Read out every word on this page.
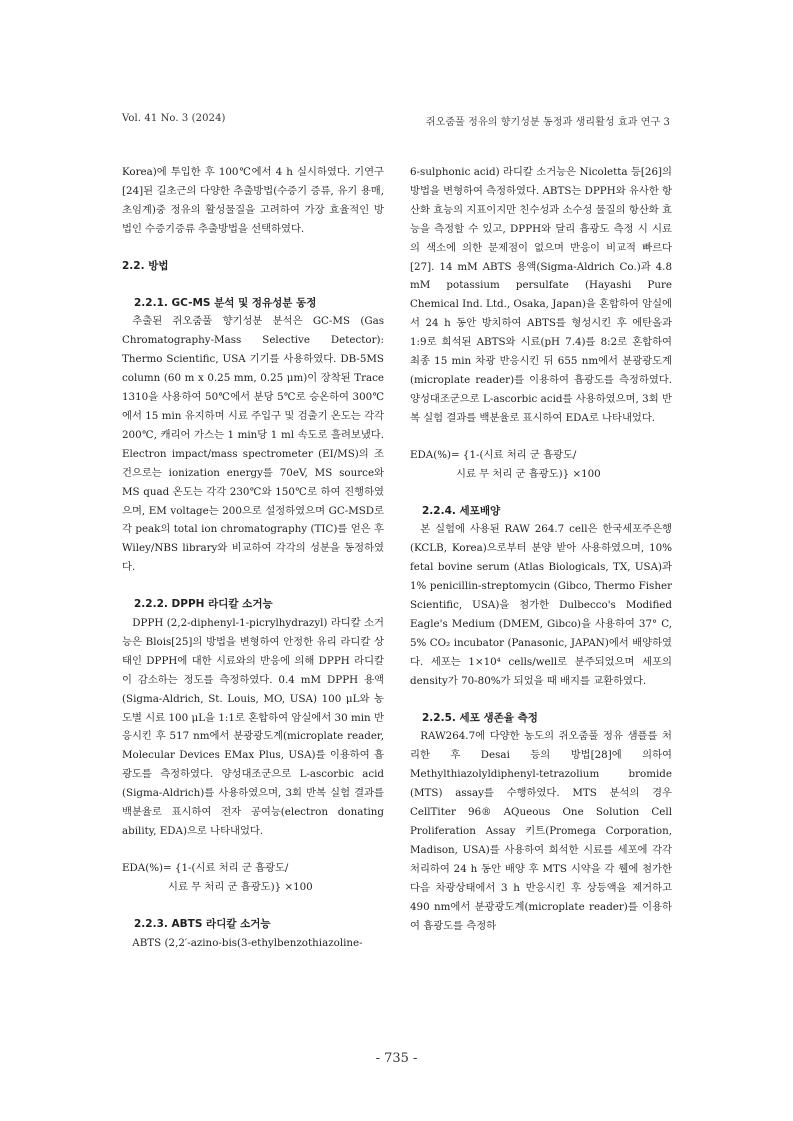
Vol. 41 No. 3 (2024)	쥐오줌풀 정유의 향기성분 동정과 생리활성 효과 연구 3

Korea)에 투입한 후 100℃에서 4 h 실시하였다. 기연구[24]된 길초근의 다양한 추출방법(수증기 증류, 유기 용매, 초임계)중 정유의 활성물질을 고려하여 가장 효율적인 방법인 수증기증류 추출방법을 선택하였다.

2.2. 방법
2.2.1. GC-MS 분석 및 정유성분 동정

추출된 쥐오줌풀 향기성분 분석은 GC-MS (Gas Chromatography-Mass Selective Detector): Thermo Scientific, USA 기기를 사용하였다. DB-5MS column (60 m x 0.25 mm, 0.25 μm)이 장착된 Trace 1310을 사용하여 50℃에서 분당 5℃로 승온하여 300℃에서 15 min 유지하며 시료 주입구 및 검출기 온도는 각각 200℃, 캐리어 가스는 1 min당 1 ml 속도로 흘려보냈다. Electron impact/mass spectrometer (EI/MS)의 조건으로는 ionization energy를 70eV, MS source와 MS quad 온도는 각각 230℃와 150℃로 하여 진행하였으며, EM voltage는 200으로 설정하였으며 GC-MSD로 각 peak의 total ion chromatography (TIC)를 얻은 후 Wiley/NBS library와 비교하여 각각의 성분을 동정하였다.

2.2.2. DPPH 라디칼 소거능

DPPH (2,2-diphenyl-1-picrylhydrazyl) 라디칼 소거능은 Blois[25]의 방법을 변형하여 안정한 유리 라디칼 상태인 DPPH에 대한 시료와의 반응에 의해 DPPH 라디칼이 감소하는 정도를 측정하였다. 0.4 mM DPPH 용액(Sigma-Aldrich, St. Louis, MO, USA) 100 μL와 농도별 시료 100 μL을 1:1로 혼합하여 암실에서 30 min 반응시킨 후 517 nm에서 분광광도계(microplate reader, Molecular Devices EMax Plus, USA)를 이용하여 흡광도를 측정하였다. 양성대조군으로 L-ascorbic acid (Sigma-Aldrich)를 사용하였으며, 3회 반복 실험 결과를 백분율로 표시하여 전자 공여능(electron donating ability, EDA)으로 나타내었다.

EDA(%)= {1-(시료 처리 군 흡광도/
시료 무 처리 군 흡광도)} ×100
2.2.3. ABTS 라디칼 소거능

ABTS (2,2′-azino-bis(3-ethylbenzothiazoline-

6-sulphonic acid) 라디칼 소거능은 Nicoletta 등[26]의 방법을 변형하여 측정하였다. ABTS는 DPPH와 유사한 항산화 효능의 지표이지만 친수성과 소수성 물질의 항산화 효능을 측정할 수 있고, DPPH와 달리 흡광도 측정 시 시료의 색소에 의한 문제점이 없으며 반응이 비교적 빠르다[27]. 14 mM ABTS 용액(Sigma-Aldrich Co.)과 4.8 mM potassium persulfate (Hayashi Pure Chemical Ind. Ltd., Osaka, Japan)을 혼합하여 암실에서 24 h 동안 방치하여 ABTS를 형성시킨 후 에탄올과 1:9로 희석된 ABTS와 시료(pH 7.4)를 8:2로 혼합하여 최종 15 min 차광 반응시킨 뒤 655 nm에서 분광광도계(microplate reader)를 이용하여 흡광도를 측정하였다. 양성대조군으로 L-ascorbic acid를 사용하였으며, 3회 반복 실험 결과를 백분율로 표시하여 EDA로 나타내었다.

EDA(%)= {1-(시료 처리 군 흡광도/
시료 무 처리 군 흡광도)} ×100
2.2.4. 세포배양

본 실험에 사용된 RAW 264.7 cell은 한국세포주은행(KCLB, Korea)으로부터 분양 받아 사용하였으며, 10% fetal bovine serum (Atlas Biologicals, TX, USA)과 1% penicillin-streptomycin (Gibco, Thermo Fisher Scientific, USA)을 첨가한 Dulbecco's Modified Eagle's Medium (DMEM, Gibco)을 사용하여 37° C, 5% CO₂ incubator (Panasonic, JAPAN)에서 배양하였다. 세포는 1×10⁴ cells/well로 분주되었으며 세포의 density가 70-80%가 되었을 때 배지를 교환하였다.

2.2.5. 세포 생존율 측정

RAW264.7에 다양한 농도의 쥐오줌풀 정유 샘플를 처리한 후 Desai 등의 방법[28]에 의하여 Methylthiazolyldiphenyl-tetrazolium bromide (MTS) assay를 수행하였다. MTS 분석의 경우 CellTiter 96® AQueous One Solution Cell Proliferation Assay 키트(Promega Corporation, Madison, USA)를 사용하여 희석한 시료를 세포에 각각 처리하여 24 h 동안 배양 후 MTS 시약을 각 웰에 첨가한 다음 차광상태에서 3 h 반응시킨 후 상등액을 제거하고 490 nm에서 분광광도계(microplate reader)를 이용하여 흡광도를 측정하

- 735 -
